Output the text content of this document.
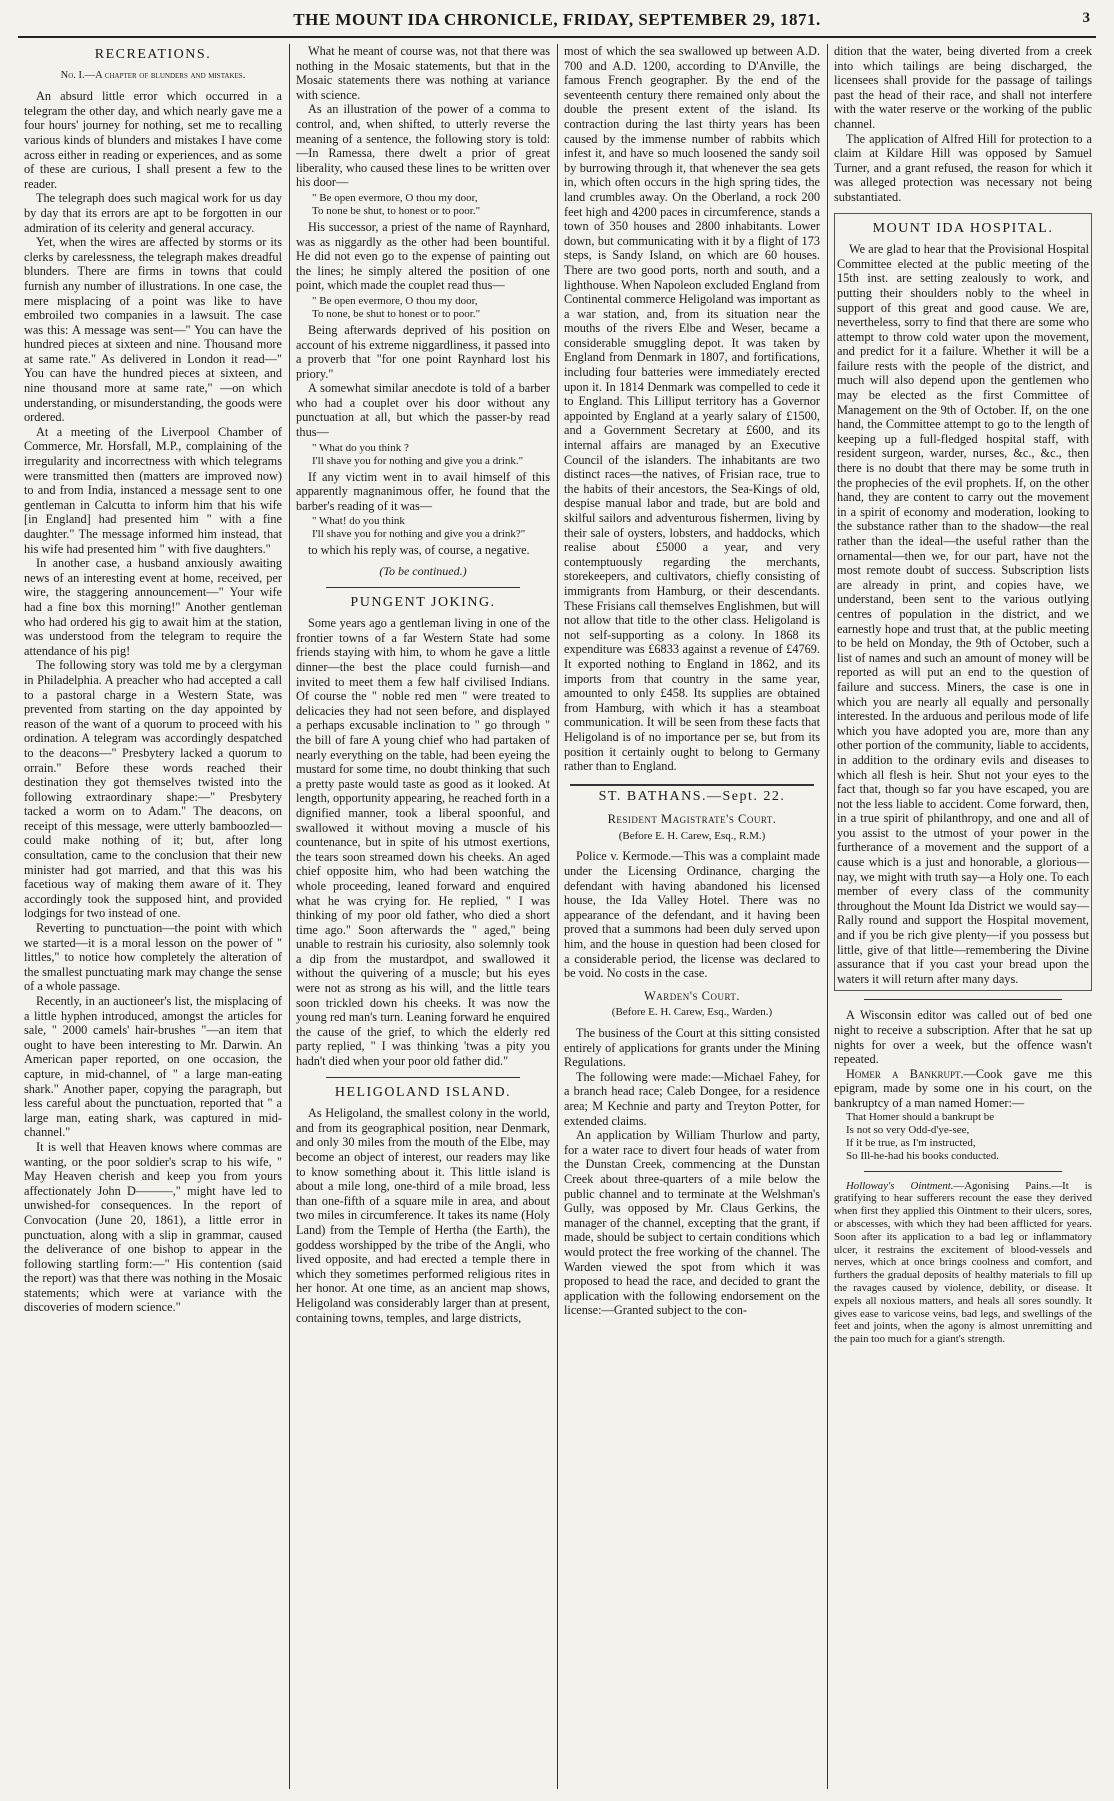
THE MOUNT IDA CHRONICLE, FRIDAY, SEPTEMBER 29, 1871.	3
RECREATIONS.
No. I.—A chapter of blunders and mistakes.

An absurd little error which occurred in a telegram the other day, and which nearly gave me a four hours' journey for nothing, set me to recalling various kinds of blunders and mistakes I have come across either in reading or experiences, and as some of these are curious, I shall present a few to the reader.

The telegraph does such magical work for us day by day that its errors are apt to be forgotten in our admiration of its celerity and general accuracy.

Yet, when the wires are affected by storms or its clerks by carelessness, the telegraph makes dreadful blunders. There are firms in towns that could furnish any number of illustrations. In one case, the mere misplacing of a point was like to have embroiled two companies in a lawsuit. The case was this: A message was sent—" You can have the hundred pieces at sixteen and nine. Thousand more at same rate." As delivered in London it read—" You can have the hundred pieces at sixteen, and nine thousand more at same rate," —on which understanding, or misunderstanding, the goods were ordered.

At a meeting of the Liverpool Chamber of Commerce, Mr. Horsfall, M.P., complaining of the irregularity and incorrectness with which telegrams were transmitted then (matters are improved now) to and from India, instanced a message sent to one gentleman in Calcutta to inform him that his wife [in England] had presented him " with a fine daughter." The message informed him instead, that his wife had presented him " with five daughters."

In another case, a husband anxiously awaiting news of an interesting event at home, received, per wire, the staggering announcement—" Your wife had a fine box this morning!" Another gentleman who had ordered his gig to await him at the station, was understood from the telegram to require the attendance of his pig!

The following story was told me by a clergyman in Philadelphia. A preacher who had accepted a call to a pastoral charge in a Western State, was prevented from starting on the day appointed by reason of the want of a quorum to proceed with his ordination. A telegram was accordingly despatched to the deacons—" Presbytery lacked a quorum to orrain." Before these words reached their destination they got themselves twisted into the following extraordinary shape:—" Presbytery tacked a worm on to Adam." The deacons, on receipt of this message, were utterly bamboozled—could make nothing of it; but, after long consultation, came to the conclusion that their new minister had got married, and that this was his facetious way of making them aware of it. They accordingly took the supposed hint, and provided lodgings for two instead of one.

Reverting to punctuation—the point with which we started—it is a moral lesson on the power of " littles," to notice how completely the alteration of the smallest punctuating mark may change the sense of a whole passage.

Recently, in an auctioneer's list, the misplacing of a little hyphen introduced, amongst the articles for sale, " 2000 camels' hair-brushes "—an item that ought to have been interesting to Mr. Darwin. An American paper reported, on one occasion, the capture, in mid-channel, of " a large man-eating shark." Another paper, copying the paragraph, but less careful about the punctuation, reported that " a large man, eating shark, was captured in mid-channel."

It is well that Heaven knows where commas are wanting, or the poor soldier's scrap to his wife, " May Heaven cherish and keep you from yours affectionately John D———," might have led to unwished-for consequences. In the report of Convocation (June 20, 1861), a little error in punctuation, along with a slip in grammar, caused the deliverance of one bishop to appear in the following startling form:—" His contention (said the report) was that there was nothing in the Mosaic statements; which were at variance with the discoveries of modern science."

What he meant of course was, not that there was nothing in the Mosaic statements, but that in the Mosaic statements there was nothing at variance with science.

As an illustration of the power of a comma to control, and, when shifted, to utterly reverse the meaning of a sentence, the following story is told:—In Ramessa, there dwelt a prior of great liberality, who caused these lines to be written over his door—

" Be open evermore, O thou my door,
To none be shut, to honest or to poor."

His successor, a priest of the name of Raynhard, was as niggardly as the other had been bountiful. He did not even go to the expense of painting out the lines; he simply altered the position of one point, which made the couplet read thus—

" Be open evermore, O thou my door,
To none, be shut to honest or to poor."

Being afterwards deprived of his position on account of his extreme niggardliness, it passed into a proverb that "for one point Raynhard lost his priory."

A somewhat similar anecdote is told of a barber who had a couplet over his door without any punctuation at all, but which the passer-by read thus—

" What do you think ?
I'll shave you for nothing and give you a drink."

If any victim went in to avail himself of this apparently magnanimous offer, he found that the barber's reading of it was—

" What! do you think
I'll shave you for nothing and give you a drink?"

to which his reply was, of course, a negative.

(To be continued.)
PUNGENT JOKING.

Some years ago a gentleman living in one of the frontier towns of a far Western State had some friends staying with him, to whom he gave a little dinner—the best the place could furnish—and invited to meet them a few half civilised Indians. Of course the " noble red men " were treated to delicacies they had not seen before, and displayed a perhaps excusable inclination to " go through " the bill of fare A young chief who had partaken of nearly everything on the table, had been eyeing the mustard for some time, no doubt thinking that such a pretty paste would taste as good as it looked. At length, opportunity appearing, he reached forth in a dignified manner, took a liberal spoonful, and swallowed it without moving a muscle of his countenance, but in spite of his utmost exertions, the tears soon streamed down his cheeks. An aged chief opposite him, who had been watching the whole proceeding, leaned forward and enquired what he was crying for. He replied, " I was thinking of my poor old father, who died a short time ago." Soon afterwards the " aged," being unable to restrain his curiosity, also solemnly took a dip from the mustardpot, and swallowed it without the quivering of a muscle; but his eyes were not as strong as his will, and the little tears soon trickled down his cheeks. It was now the young red man's turn. Leaning forward he enquired the cause of the grief, to which the elderly red party replied, " I was thinking 'twas a pity you hadn't died when your poor old father did."

HELIGOLAND ISLAND.

As Heligoland, the smallest colony in the world, and from its geographical position, near Denmark, and only 30 miles from the mouth of the Elbe, may become an object of interest, our readers may like to know something about it. This little island is about a mile long, one-third of a mile broad, less than one-fifth of a square mile in area, and about two miles in circumference. It takes its name (Holy Land) from the Temple of Hertha (the Earth), the goddess worshipped by the tribe of the Angli, who lived opposite, and had erected a temple there in which they sometimes performed religious rites in her honor. At one time, as an ancient map shows, Heligoland was considerably larger than at present, containing towns, temples, and large districts,

most of which the sea swallowed up between A.D. 700 and A.D. 1200, according to D'Anville, the famous French geographer. By the end of the seventeenth century there remained only about the double the present extent of the island. Its contraction during the last thirty years has been caused by the immense number of rabbits which infest it, and have so much loosened the sandy soil by burrowing through it, that whenever the sea gets in, which often occurs in the high spring tides, the land crumbles away. On the Oberland, a rock 200 feet high and 4200 paces in circumference, stands a town of 350 houses and 2800 inhabitants. Lower down, but communicating with it by a flight of 173 steps, is Sandy Island, on which are 60 houses. There are two good ports, north and south, and a lighthouse. When Napoleon excluded England from Continental commerce Heligoland was important as a war station, and, from its situation near the mouths of the rivers Elbe and Weser, became a considerable smuggling depot. It was taken by England from Denmark in 1807, and fortifications, including four batteries were immediately erected upon it. In 1814 Denmark was compelled to cede it to England. This Lilliput territory has a Governor appointed by England at a yearly salary of £1500, and a Government Secretary at £600, and its internal affairs are managed by an Executive Council of the islanders. The inhabitants are two distinct races—the natives, of Frisian race, true to the habits of their ancestors, the Sea-Kings of old, despise manual labor and trade, but are bold and skilful sailors and adventurous fishermen, living by their sale of oysters, lobsters, and haddocks, which realise about £5000 a year, and very contemptuously regarding the merchants, storekeepers, and cultivators, chiefly consisting of immigrants from Hamburg, or their descendants. These Frisians call themselves Englishmen, but will not allow that title to the other class. Heligoland is not self-supporting as a colony. In 1868 its expenditure was £6833 against a revenue of £4769. It exported nothing to England in 1862, and its imports from that country in the same year, amounted to only £458. Its supplies are obtained from Hamburg, with which it has a steamboat communication. It will be seen from these facts that Heligoland is of no importance per se, but from its position it certainly ought to belong to Germany rather than to England.

ST. BATHANS.—Sept. 22.
Resident Magistrate's Court.
(Before E. H. Carew, Esq., R.M.)

Police v. Kermode.—This was a complaint made under the Licensing Ordinance, charging the defendant with having abandoned his licensed house, the Ida Valley Hotel. There was no appearance of the defendant, and it having been proved that a summons had been duly served upon him, and the house in question had been closed for a considerable period, the license was declared to be void. No costs in the case.

Warden's Court.
(Before E. H. Carew, Esq., Warden.)

The business of the Court at this sitting consisted entirely of applications for grants under the Mining Regulations.

The following were made:—Michael Fahey, for a branch head race; Caleb Dongee, for a residence area; M Kechnie and party and Treyton Potter, for extended claims.

An application by William Thurlow and party, for a water race to divert four heads of water from the Dunstan Creek, commencing at the Dunstan Creek about three-quarters of a mile below the public channel and to terminate at the Welshman's Gully, was opposed by Mr. Claus Gerkins, the manager of the channel, excepting that the grant, if made, should be subject to certain conditions which would protect the free working of the channel. The Warden viewed the spot from which it was proposed to head the race, and decided to grant the application with the following endorsement on the license:—Granted subject to the con-

dition that the water, being diverted from a creek into which tailings are being discharged, the licensees shall provide for the passage of tailings past the head of their race, and shall not interfere with the water reserve or the working of the public channel.

The application of Alfred Hill for protection to a claim at Kildare Hill was opposed by Samuel Turner, and a grant refused, the reason for which it was alleged protection was necessary not being substantiated.

MOUNT IDA HOSPITAL.

We are glad to hear that the Provisional Hospital Committee elected at the public meeting of the 15th inst. are setting zealously to work, and putting their shoulders nobly to the wheel in support of this great and good cause. We are, nevertheless, sorry to find that there are some who attempt to throw cold water upon the movement, and predict for it a failure. Whether it will be a failure rests with the people of the district, and much will also depend upon the gentlemen who may be elected as the first Committee of Management on the 9th of October. If, on the one hand, the Committee attempt to go to the length of keeping up a full-fledged hospital staff, with resident surgeon, warder, nurses, &c., &c., then there is no doubt that there may be some truth in the prophecies of the evil prophets. If, on the other hand, they are content to carry out the movement in a spirit of economy and moderation, looking to the substance rather than to the shadow—the real rather than the ideal—the useful rather than the ornamental—then we, for our part, have not the most remote doubt of success. Subscription lists are already in print, and copies have, we understand, been sent to the various outlying centres of population in the district, and we earnestly hope and trust that, at the public meeting to be held on Monday, the 9th of October, such a list of names and such an amount of money will be reported as will put an end to the question of failure and success. Miners, the case is one in which you are nearly all equally and personally interested. In the arduous and perilous mode of life which you have adopted you are, more than any other portion of the community, liable to accidents, in addition to the ordinary evils and diseases to which all flesh is heir. Shut not your eyes to the fact that, though so far you have escaped, you are not the less liable to accident. Come forward, then, in a true spirit of philanthropy, and one and all of you assist to the utmost of your power in the furtherance of a movement and the support of a cause which is a just and honorable, a glorious—nay, we might with truth say—a Holy one. To each member of every class of the community throughout the Mount Ida District we would say—Rally round and support the Hospital movement, and if you be rich give plenty—if you possess but little, give of that little—remembering the Divine assurance that if you cast your bread upon the waters it will return after many days.

A Wisconsin editor was called out of bed one night to receive a subscription. After that he sat up nights for over a week, but the offence wasn't repeated.

Homer a Bankrupt.—Cook gave me this epigram, made by some one in his court, on the bankruptcy of a man named Homer:—

That Homer should a bankrupt be
Is not so very Odd-d'ye-see,
If it be true, as I'm instructed,
So Ill-he-had his books conducted.

Holloway's Ointment.—Agonising Pains.—It is gratifying to hear sufferers recount the ease they derived when first they applied this Ointment to their ulcers, sores, or abscesses, with which they had been afflicted for years. Soon after its application to a bad leg or inflammatory ulcer, it restrains the excitement of blood-vessels and nerves, which at once brings coolness and comfort, and furthers the gradual deposits of healthy materials to fill up the ravages caused by violence, debility, or disease. It expels all noxious matters, and heals all sores soundly. It gives ease to varicose veins, bad legs, and swellings of the feet and joints, when the agony is almost unremitting and the pain too much for a giant's strength.
